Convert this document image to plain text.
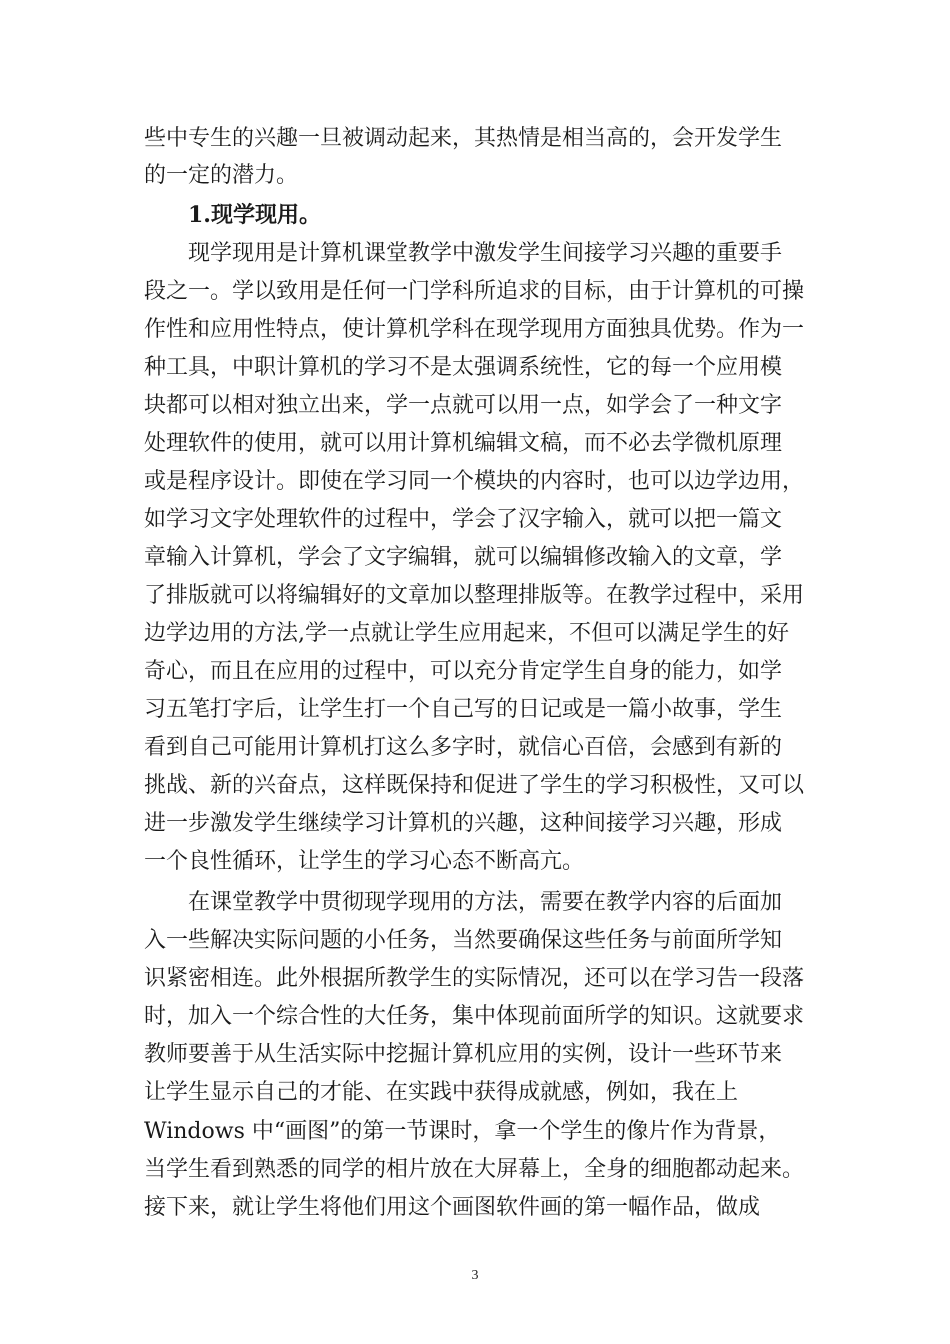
些中专生的兴趣一旦被调动起来，其热情是相当高的，会开发学生
的一定的潜力。
1.现学现用。
现学现用是计算机课堂教学中激发学生间接学习兴趣的重要手
段之一。学以致用是任何一门学科所追求的目标，由于计算机的可操
作性和应用性特点，使计算机学科在现学现用方面独具优势。作为一
种工具，中职计算机的学习不是太强调系统性，它的每一个应用模
块都可以相对独立出来，学一点就可以用一点，如学会了一种文字
处理软件的使用，就可以用计算机编辑文稿，而不必去学微机原理
或是程序设计。即使在学习同一个模块的内容时，也可以边学边用，
如学习文字处理软件的过程中，学会了汉字输入，就可以把一篇文
章输入计算机，学会了文字编辑，就可以编辑修改输入的文章，学
了排版就可以将编辑好的文章加以整理排版等。在教学过程中，采用
边学边用的方法,学一点就让学生应用起来，不但可以满足学生的好
奇心，而且在应用的过程中，可以充分肯定学生自身的能力，如学
习五笔打字后，让学生打一个自己写的日记或是一篇小故事，学生
看到自己可能用计算机打这么多字时，就信心百倍，会感到有新的
挑战、新的兴奋点，这样既保持和促进了学生的学习积极性，又可以
进一步激发学生继续学习计算机的兴趣，这种间接学习兴趣，形成
一个良性循环，让学生的学习心态不断高亢。
在课堂教学中贯彻现学现用的方法，需要在教学内容的后面加
入一些解决实际问题的小任务，当然要确保这些任务与前面所学知
识紧密相连。此外根据所教学生的实际情况，还可以在学习告一段落
时，加入一个综合性的大任务，集中体现前面所学的知识。这就要求
教师要善于从生活实际中挖掘计算机应用的实例，设计一些环节来
让学生显示自己的才能、在实践中获得成就感，例如，我在上
Windows 中“画图”的第一节课时，拿一个学生的像片作为背景，
当学生看到熟悉的同学的相片放在大屏幕上，全身的细胞都动起来。
接下来，就让学生将他们用这个画图软件画的第一幅作品，做成
3
